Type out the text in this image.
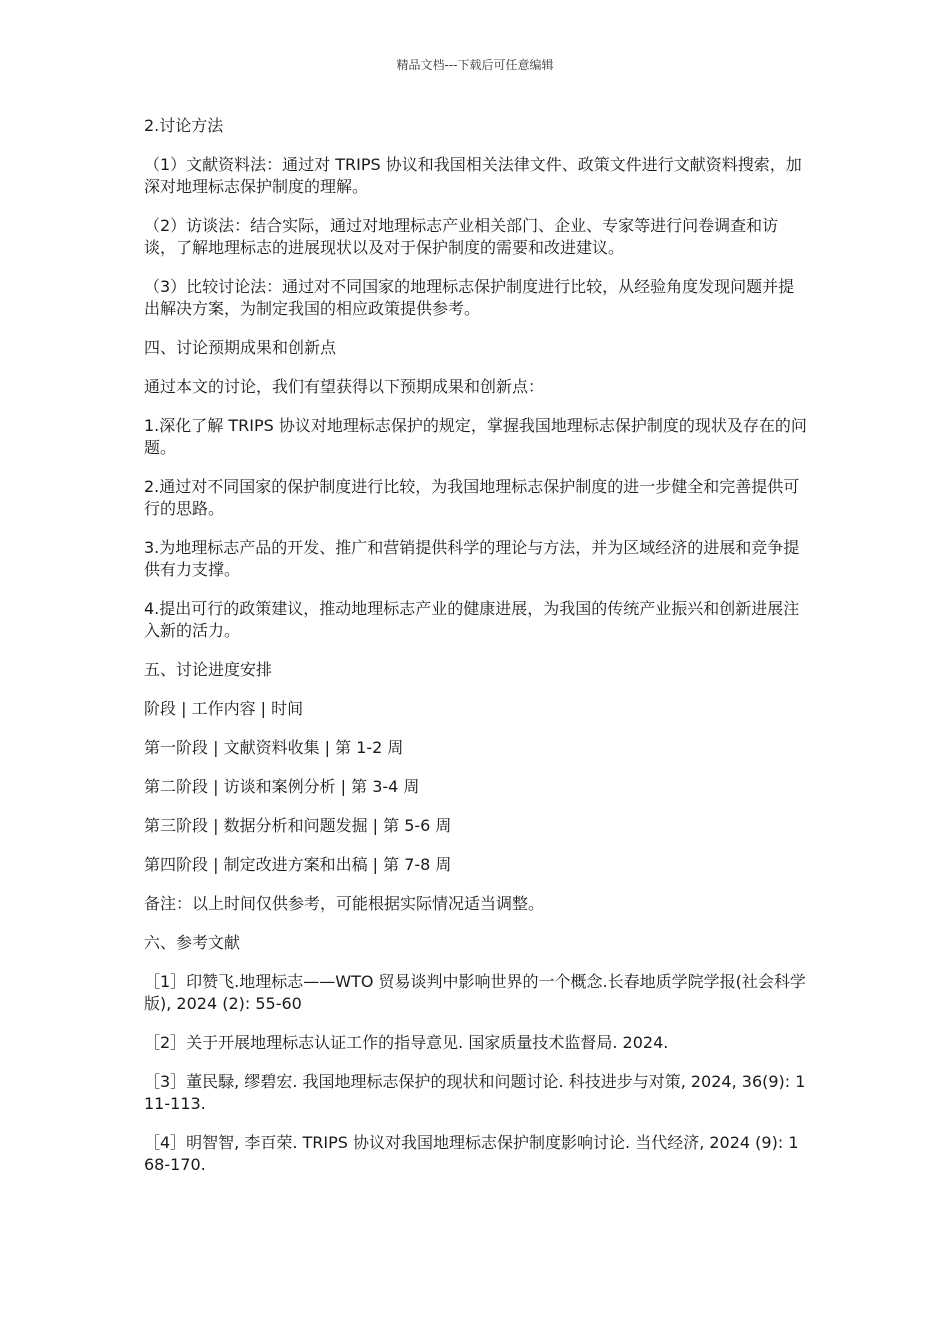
精品文档---下载后可任意编辑

2.讨论方法

（1）文献资料法：通过对 TRIPS 协议和我国相关法律文件、政策文件进行文献资料搜索，加深对地理标志保护制度的理解。

（2）访谈法：结合实际，通过对地理标志产业相关部门、企业、专家等进行问卷调查和访谈，了解地理标志的进展现状以及对于保护制度的需要和改进建议。

（3）比较讨论法：通过对不同国家的地理标志保护制度进行比较，从经验角度发现问题并提出解决方案，为制定我国的相应政策提供参考。

四、讨论预期成果和创新点

通过本文的讨论，我们有望获得以下预期成果和创新点：

1.深化了解 TRIPS 协议对地理标志保护的规定，掌握我国地理标志保护制度的现状及存在的问题。

2.通过对不同国家的保护制度进行比较，为我国地理标志保护制度的进一步健全和完善提供可行的思路。

3.为地理标志产品的开发、推广和营销提供科学的理论与方法，并为区域经济的进展和竞争提供有力支撑。

4.提出可行的政策建议，推动地理标志产业的健康进展，为我国的传统产业振兴和创新进展注入新的活力。

五、讨论进度安排

阶段 | 工作内容 | 时间

第一阶段 | 文献资料收集 | 第 1-2 周

第二阶段 | 访谈和案例分析 | 第 3-4 周

第三阶段 | 数据分析和问题发掘 | 第 5-6 周

第四阶段 | 制定改进方案和出稿 | 第 7-8 周

备注：以上时间仅供参考，可能根据实际情况适当调整。

六、参考文献

［1］印赞飞.地理标志——WTO 贸易谈判中影响世界的一个概念.长春地质学院学报(社会科学版), 2024 (2): 55-60

［2］关于开展地理标志认证工作的指导意见. 国家质量技术监督局. 2024.

［3］董民騄, 缪碧宏. 我国地理标志保护的现状和问题讨论. 科技进步与对策, 2024, 36(9): 111-113.

［4］明智智, 李百荣. TRIPS 协议对我国地理标志保护制度影响讨论. 当代经济, 2024 (9): 168-170.
